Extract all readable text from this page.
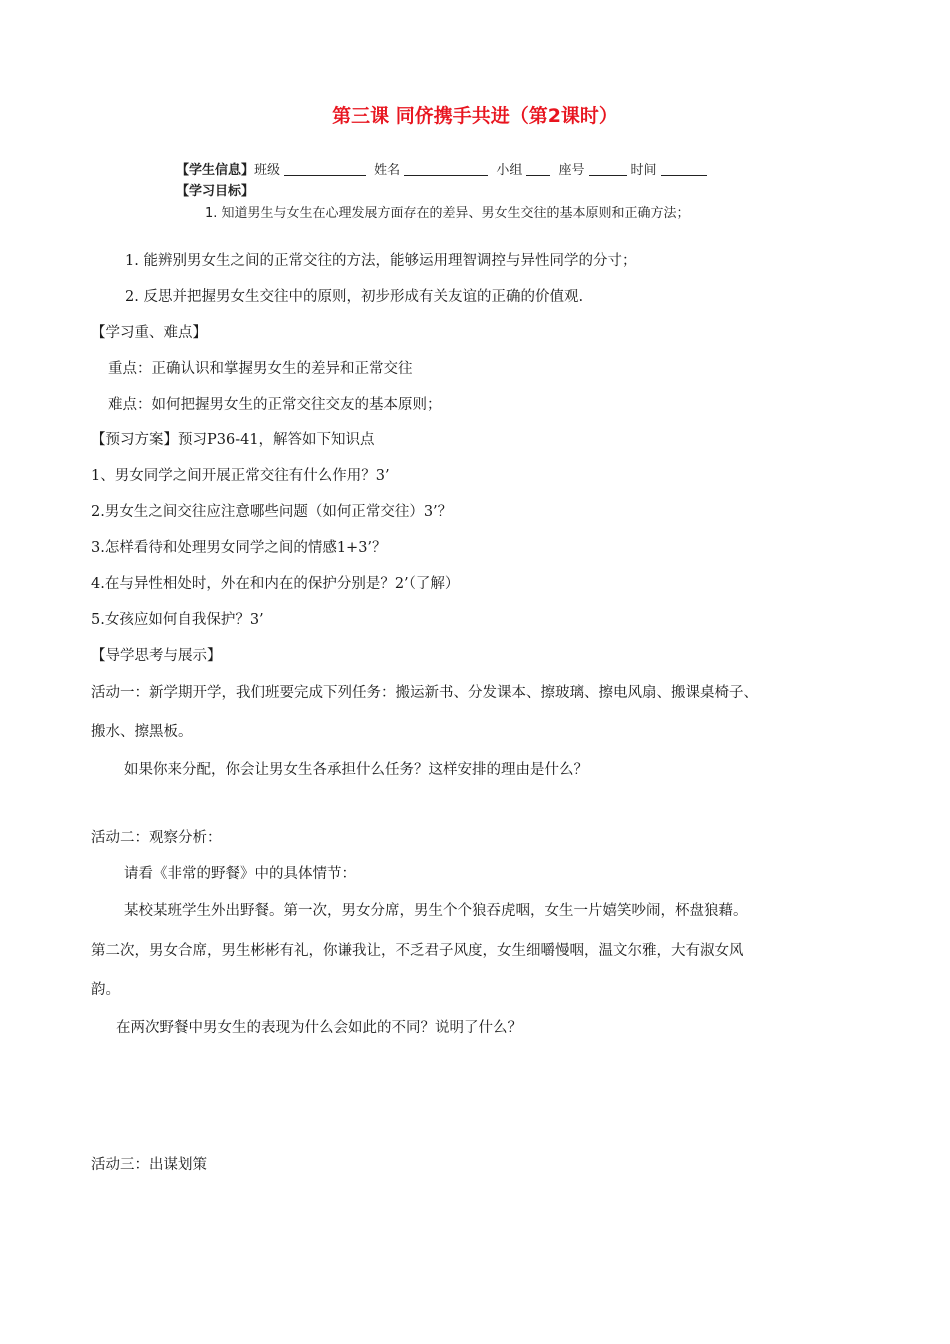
第三课 同侪携手共进（第2课时）
【学生信息】班级	姓名	小组	座号	时间
【学习目标】
1. 知道男生与女生在心理发展方面存在的差异、男女生交往的基本原则和正确方法；
1. 能辨别男女生之间的正常交往的方法，能够运用理智调控与异性同学的分寸；
2. 反思并把握男女生交往中的原则，初步形成有关友谊的正确的价值观.
【学习重、难点】
重点：正确认识和掌握男女生的差异和正常交往
难点：如何把握男女生的正常交往交友的基本原则；
【预习方案】预习P36-41，解答如下知识点
1、男女同学之间开展正常交往有什么作用？3’
2.男女生之间交往应注意哪些问题（如何正常交往）3’？
3.怎样看待和处理男女同学之间的情感1+3’？
4.在与异性相处时，外在和内在的保护分别是？2’（了解）
5.女孩应如何自我保护？3’
【导学思考与展示】
活动一：新学期开学，我们班要完成下列任务：搬运新书、分发课本、擦玻璃、擦电风扇、搬课桌椅子、
搬水、擦黑板。
如果你来分配，你会让男女生各承担什么任务？这样安排的理由是什么？
活动二：观察分析：
请看《非常的野餐》中的具体情节：
某校某班学生外出野餐。第一次，男女分席，男生个个狼吞虎咽，女生一片嬉笑吵闹，杯盘狼藉。
第二次，男女合席，男生彬彬有礼，你谦我让，不乏君子风度，女生细嚼慢咽，温文尔雅，大有淑女风
韵。
在两次野餐中男女生的表现为什么会如此的不同？说明了什么？
活动三：出谋划策
